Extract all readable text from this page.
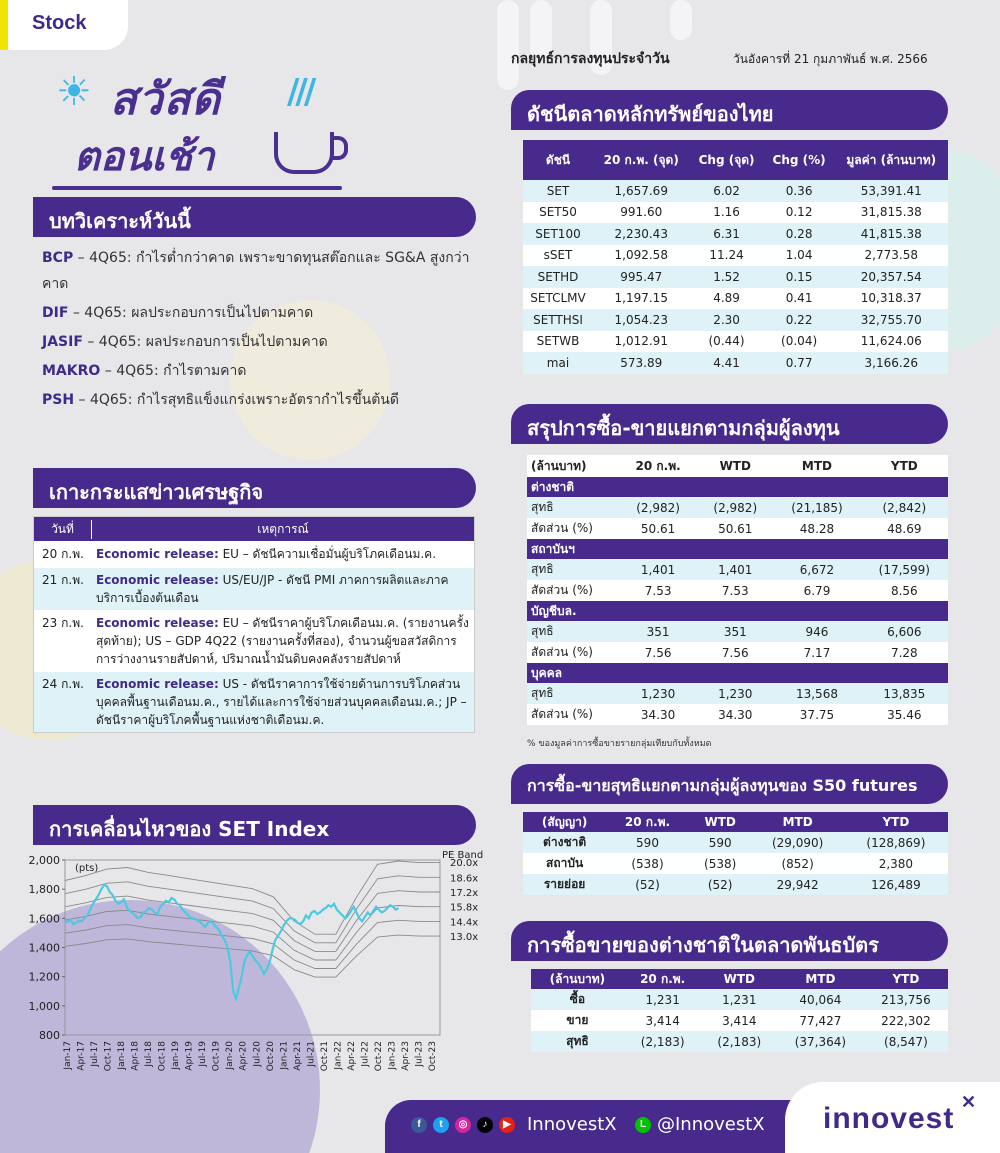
Stock
☀ สวัสดี ///
ตอนเช้า
กลยุทธ์การลงทุนประจำวัน	วันอังคารที่ 21 กุมภาพันธ์ พ.ศ. 2566
บทวิเคราะห์วันนี้
BCP – 4Q65: กำไรต่ำกว่าคาด เพราะขาดทุนสต๊อกและ SG&A สูงกว่าคาด
DIF – 4Q65: ผลประกอบการเป็นไปตามคาด
JASIF – 4Q65: ผลประกอบการเป็นไปตามคาด
MAKRO – 4Q65: กำไรตามคาด
PSH – 4Q65: กำไรสุทธิแข็งแกร่งเพราะอัตรากำไรขึ้นต้นดี
เกาะกระแสข่าวเศรษฐกิจ
วันที่	เหตุการณ์
20 ก.พ.	Economic release: EU – ดัชนีความเชื่อมั่นผู้บริโภคเดือนม.ค.
21 ก.พ.	Economic release: US/EU/JP - ดัชนี PMI ภาคการผลิตและภาคบริการเบื้องต้นเดือน
23 ก.พ.	Economic release: EU – ดัชนีราคาผู้บริโภคเดือนม.ค. (รายงานครั้งสุดท้าย); US – GDP 4Q22 (รายงานครั้งที่สอง), จำนวนผู้ขอสวัสดิการการว่างงานรายสัปดาห์, ปริมาณน้ำมันดิบคงคลังรายสัปดาห์
24 ก.พ.	Economic release: US - ดัชนีราคาการใช้จ่ายด้านการบริโภคส่วนบุคคลพื้นฐานเดือนม.ค., รายได้และการใช้จ่ายส่วนบุคคลเดือนม.ค.; JP – ดัชนีราคาผู้บริโภคพื้นฐานแห่งชาติเดือนม.ค.
การเคลื่อนไหวของ SET Index
2,000
1,800
1,600
1,400
1,200
1,000
800
(pts)
Jan-17 Apr-17 Jul-17 Oct-17 Jan-18 Apr-18 Jul-18 Oct-18 Jan-19 Apr-19 Jul-19 Oct-19 Jan-20 Apr-20 Jul-20 Oct-20 Jan-21 Apr-21 Jul-21 Oct-21 Jan-22 Apr-22 Jul-22 Oct-22 Jan-23 Apr-23 Jul-23 Oct-23
20.0x
18.6x
17.2x
15.8x
14.4x
13.0x
PE Band
ดัชนีตลาดหลักทรัพย์ของไทย
ดัชนี	20 ก.พ. (จุด)	Chg (จุด)	Chg (%)	มูลค่า (ล้านบาท)
SET	1,657.69	6.02	0.36	53,391.41
SET50	991.60	1.16	0.12	31,815.38
SET100	2,230.43	6.31	0.28	41,815.38
sSET	1,092.58	11.24	1.04	2,773.58
SETHD	995.47	1.52	0.15	20,357.54
SETCLMV	1,197.15	4.89	0.41	10,318.37
SETTHSI	1,054.23	2.30	0.22	32,755.70
SETWB	1,012.91	(0.44)	(0.04)	11,624.06
mai	573.89	4.41	0.77	3,166.26
สรุปการซื้อ-ขายแยกตามกลุ่มผู้ลงทุน
(ล้านบาท)	20 ก.พ.	WTD	MTD	YTD
ต่างชาติ				
สุทธิ	(2,982)	(2,982)	(21,185)	(2,842)
สัดส่วน (%)	50.61	50.61	48.28	48.69
สถาบันฯ				
สุทธิ	1,401	1,401	6,672	(17,599)
สัดส่วน (%)	7.53	7.53	6.79	8.56
บัญชีบล.				
สุทธิ	351	351	946	6,606
สัดส่วน (%)	7.56	7.56	7.17	7.28
บุคคล				
สุทธิ	1,230	1,230	13,568	13,835
สัดส่วน (%)	34.30	34.30	37.75	35.46
% ของมูลค่าการซื้อขายรายกลุ่มเทียบกับทั้งหมด
การซื้อ-ขายสุทธิแยกตามกลุ่มผู้ลงทุนของ S50 futures
(สัญญา)	20 ก.พ.	WTD	MTD	YTD
ต่างชาติ	590	590	(29,090)	(128,869)
สถาบัน	(538)	(538)	(852)	2,380
รายย่อย	(52)	(52)	29,942	126,489
การซื้อขายของต่างชาติในตลาดพันธบัตร
(ล้านบาท)	20 ก.พ.	WTD	MTD	YTD
ซื้อ	1,231	1,231	40,064	213,756
ขาย	3,414	3,414	77,427	222,302
สุทธิ	(2,183)	(2,183)	(37,364)	(8,547)
f	t	◎	♪	▶ InnovestX	L @InnovestX innovest ✕
